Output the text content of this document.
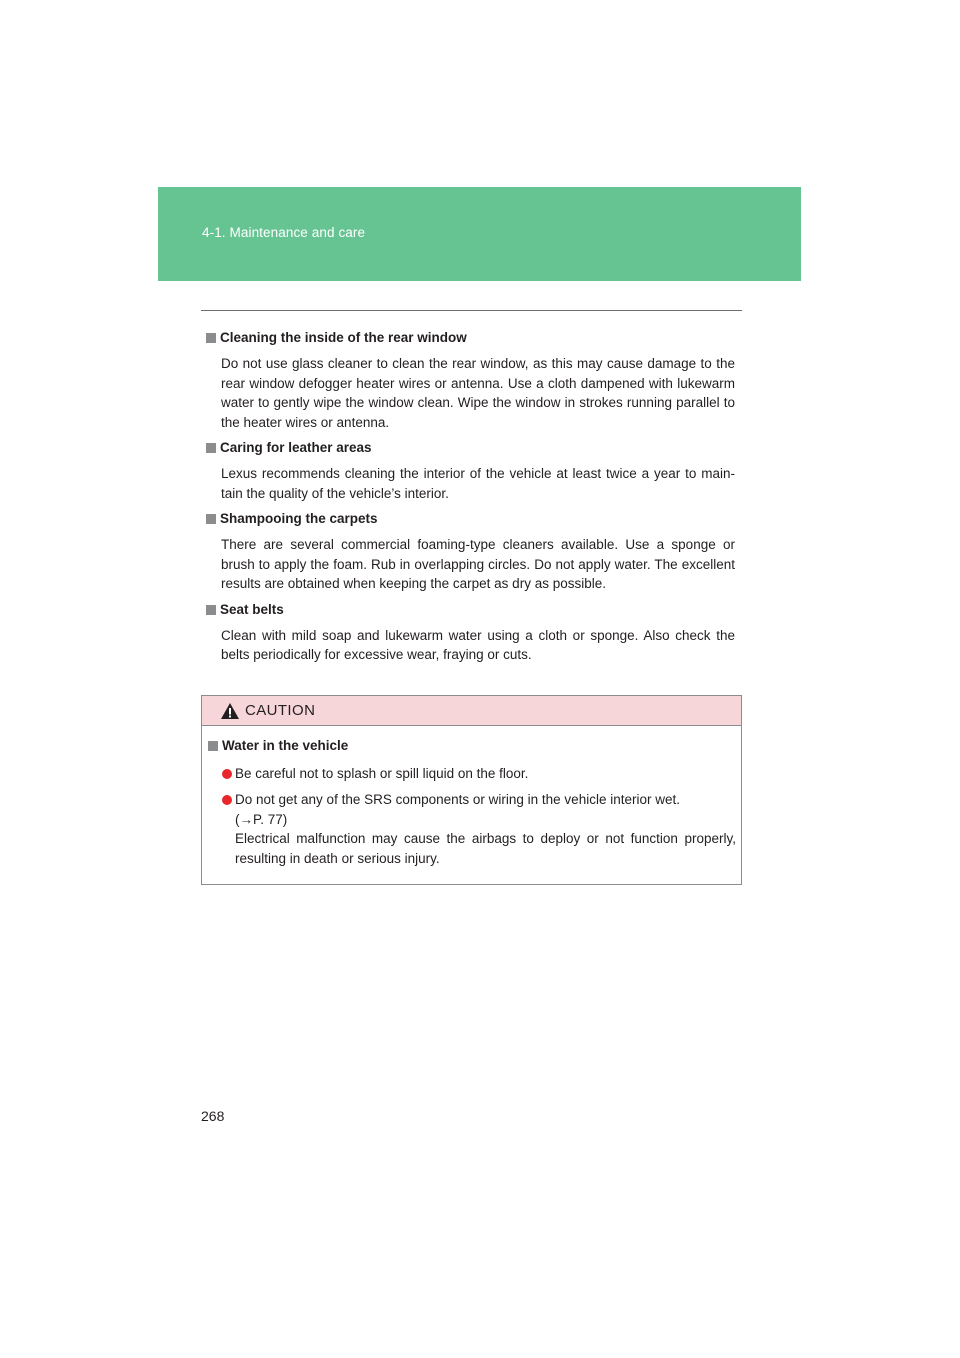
4-1. Maintenance and care
Cleaning the inside of the rear window
Do not use glass cleaner to clean the rear window, as this may cause damage to the rear window defogger heater wires or antenna. Use a cloth dampened with lukewarm water to gently wipe the window clean. Wipe the window in strokes running parallel to the heater wires or antenna.
Caring for leather areas
Lexus recommends cleaning the interior of the vehicle at least twice a year to maintain the quality of the vehicle’s interior.
Shampooing the carpets
There are several commercial foaming-type cleaners available. Use a sponge or brush to apply the foam. Rub in overlapping circles. Do not apply water. The excellent results are obtained when keeping the carpet as dry as possible.
Seat belts
Clean with mild soap and lukewarm water using a cloth or sponge. Also check the belts periodically for excessive wear, fraying or cuts.
CAUTION
Water in the vehicle

Be careful not to splash or spill liquid on the floor.

Do not get any of the SRS components or wiring in the vehicle interior wet.

(→P. 77)

Electrical malfunction may cause the airbags to deploy or not function properly, resulting in death or serious injury.

268
